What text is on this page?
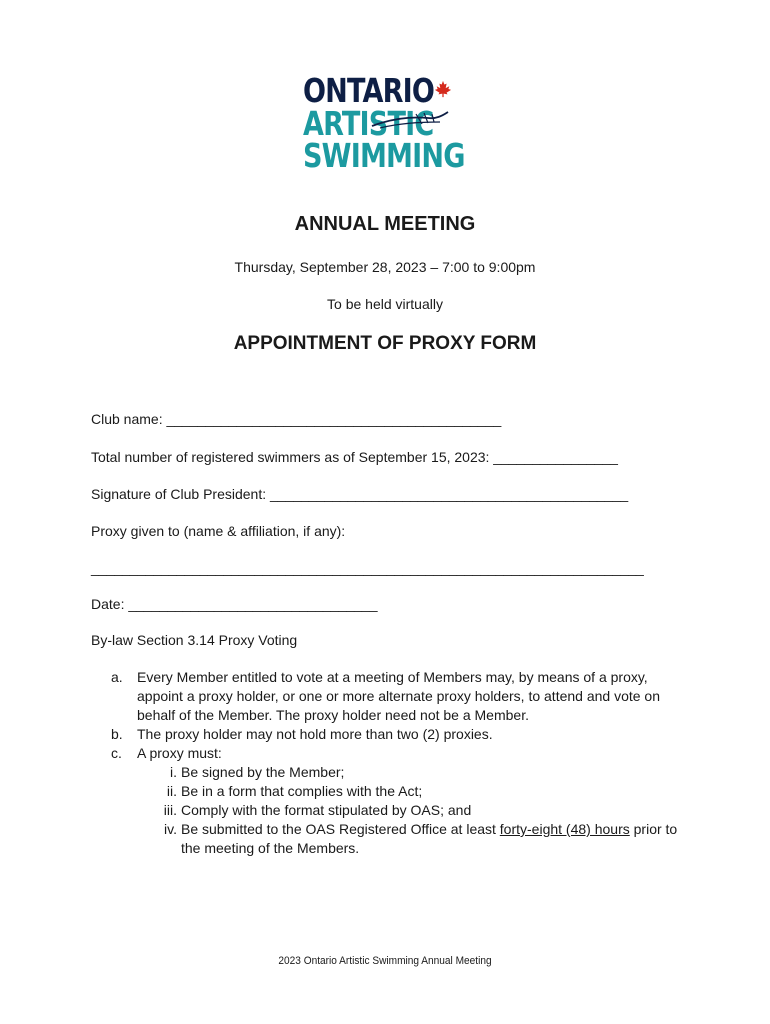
ONTARIO
ARTISTIC
SWIMMING
ANNUAL MEETING
Thursday, September 28, 2023 – 7:00 to 9:00pm
To be held virtually
APPOINTMENT OF PROXY FORM
Club name: ___________________________________________
Total number of registered swimmers as of September 15, 2023: ________________
Signature of Club President: ______________________________________________
Proxy given to (name & affiliation, if any):
_______________________________________________________________________
Date: ________________________________
By-law Section 3.14 Proxy Voting
a.	Every Member entitled to vote at a meeting of Members may, by means of a proxy, appoint a proxy holder, or one or more alternate proxy holders, to attend and vote on behalf of the Member. The proxy holder need not be a Member.
b.	The proxy holder may not hold more than two (2) proxies.
c.	A proxy must:
i. Be signed by the Member;
ii. Be in a form that complies with the Act;
iii. Comply with the format stipulated by OAS; and
iv. Be submitted to the OAS Registered Office at least forty-eight (48) hours prior to the meeting of the Members.
2023 Ontario Artistic Swimming Annual Meeting
